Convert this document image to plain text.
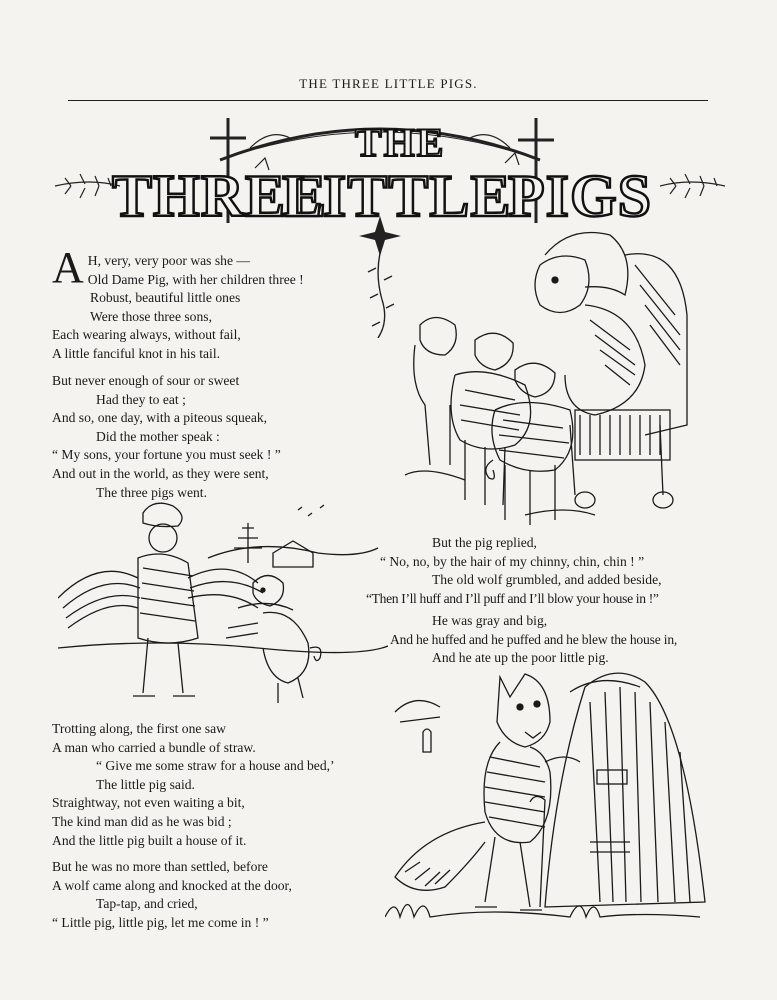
THE THREE LITTLE PIGS.
THE
THREE
LITTLE
PIGS
A H, very, very poor was she —
Old Dame Pig, with her children three !
Robust, beautiful little ones
Were those three sons,
Each wearing always, without fail,
A little fanciful knot in his tail.
But never enough of sour or sweet
Had they to eat ;
And so, one day, with a piteous squeak,
Did the mother speak :
“ My sons, your fortune you must seek ! ”
And out in the world, as they were sent,
The three pigs went.
But the pig replied,
“ No, no, by the hair of my chinny, chin, chin ! ”
The old wolf grumbled, and added beside,
“Then I’ll huff and I’ll puff and I’ll blow your house in !”
He was gray and big,
And he huffed and he puffed and he blew the house in,
And he ate up the poor little pig.
Trotting along, the first one saw
A man who carried a bundle of straw.
“ Give me some straw for a house and bed,’
The little pig said.
Straightway, not even waiting a bit,
The kind man did as he was bid ;
And the little pig built a house of it.
But he was no more than settled, before
A wolf came along and knocked at the door,
Tap-tap, and cried,
“ Little pig, little pig, let me come in ! ”
